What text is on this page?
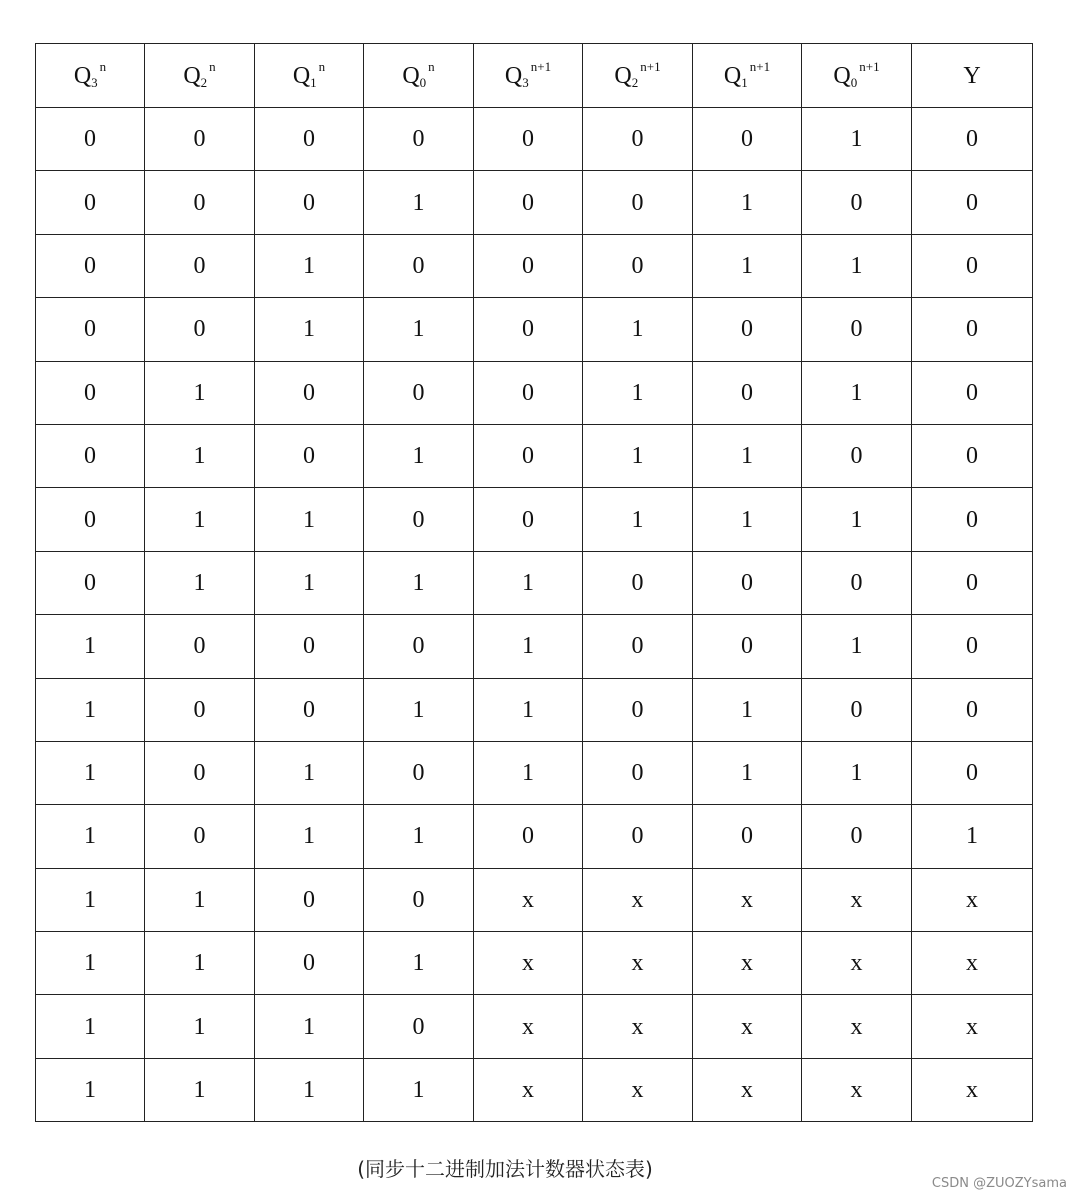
$Q_3^n$	$Q_2^n$	$Q_1^n$	$Q_0^n$	$Q_3^{n+1}$	$Q_2^{n+1}$	$Q_1^{n+1}$	$Q_0^{n+1}$	Y
0	0	0	0	0	0	0	1	0
0	0	0	1	0	0	1	0	0
0	0	1	0	0	0	1	1	0
0	0	1	1	0	1	0	0	0
0	1	0	0	0	1	0	1	0
0	1	0	1	0	1	1	0	0
0	1	1	0	0	1	1	1	0
0	1	1	1	1	0	0	0	0
1	0	0	0	1	0	0	1	0
1	0	0	1	1	0	1	0	0
1	0	1	0	1	0	1	1	0
1	0	1	1	0	0	0	0	1
1	1	0	0	x	x	x	x	x
1	1	0	1	x	x	x	x	x
1	1	1	0	x	x	x	x	x
1	1	1	1	x	x	x	x	x
(同步十二进制加法计数器状态表)
CSDN @ZUOZYsama
